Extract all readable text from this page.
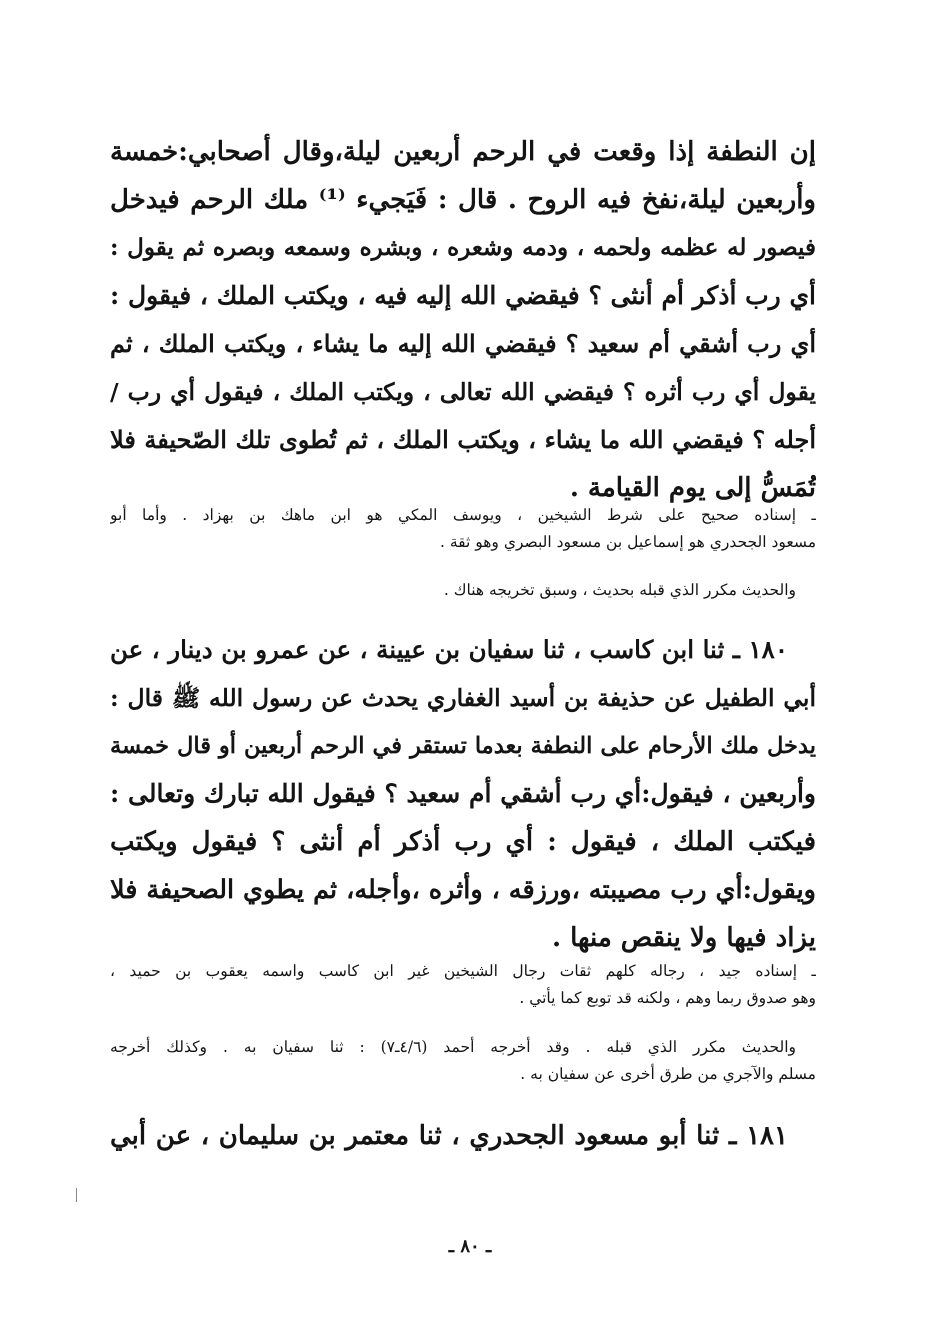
إن النطفة إذا وقعت في الرحم أربعين ليلة،وقال أصحابي:خمسة
وأربعين ليلة،نفخ فيه الروح . قال : فَيَجيء ⁽¹⁾ ملك الرحم فيدخل
فيصور له عظمه ولحمه ، ودمه وشعره ، وبشره وسمعه وبصره ثم يقول :
أي رب أذكر أم أنثى ؟ فيقضي الله إليه فيه ، ويكتب الملك ، فيقول :
أي رب أشقي أم سعيد ؟ فيقضي الله إليه ما يشاء ، ويكتب الملك ، ثم
يقول أي رب أثره ؟ فيقضي الله تعالى ، ويكتب الملك ، فيقول أي رب /
أجله ؟ فيقضي الله ما يشاء ، ويكتب الملك ، ثم تُطوى تلك الصّحيفة فلا
تُمَسُّ إلى يوم القيامة .
ـ إسناده صحيح على شرط الشيخين ، ويوسف المكي هو ابن ماهك بن بهزاد . وأما أبو
مسعود الجحدري هو إسماعيل بن مسعود البصري وهو ثقة .
والحديث مكرر الذي قبله بحديث ، وسبق تخريجه هناك .
١٨٠ ـ ثنا ابن كاسب ، ثنا سفيان بن عيينة ، عن عمرو بن دينار ، عن
أبي الطفيل عن حذيفة بن أسيد الغفاري يحدث عن رسول الله ﷺ قال :
يدخل ملك الأرحام على النطفة بعدما تستقر في الرحم أربعين أو قال خمسة
وأربعين ، فيقول:أي رب أشقي أم سعيد ؟ فيقول الله تبارك وتعالى :
فيكتب الملك ، فيقول : أي رب أذكر أم أنثى ؟ فيقول ويكتب
ويقول:أي رب مصيبته ،ورزقه ، وأثره ،وأجله، ثم يطوي الصحيفة فلا
يزاد فيها ولا ينقص منها .
ـ إسناده جيد ، رجاله كلهم ثقات رجال الشيخين غير ابن كاسب واسمه يعقوب بن حميد ،
وهو صدوق ربما وهم ، ولكنه قد توبع كما يأتي .
والحديث مكرر الذي قبله . وقد أخرجه أحمد (٤/٦ـ٧) : ثنا سفيان به . وكذلك أخرجه
مسلم والآجري من طرق أخرى عن سفيان به .
١٨١ ـ ثنا أبو مسعود الجحدري ، ثنا معتمر بن سليمان ، عن أبي
ـ ٨٠ ـ
